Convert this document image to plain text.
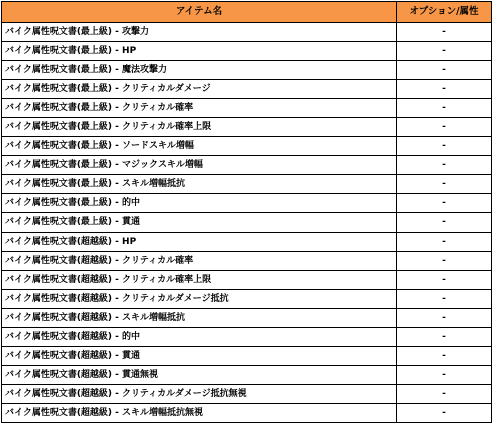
アイテム名	オプション/属性
バイク属性呪文書(最上級) - 攻撃力	-
バイク属性呪文書(最上級) - HP	-
バイク属性呪文書(最上級) - 魔法攻撃力	-
バイク属性呪文書(最上級) - クリティカルダメージ	-
バイク属性呪文書(最上級) - クリティカル確率	-
バイク属性呪文書(最上級) - クリティカル確率上限	-
バイク属性呪文書(最上級) - ソードスキル増幅	-
バイク属性呪文書(最上級) - マジックスキル増幅	-
バイク属性呪文書(最上級) - スキル増幅抵抗	-
バイク属性呪文書(最上級) - 的中	-
バイク属性呪文書(最上級) - 貫通	-
バイク属性呪文書(超越級) - HP	-
バイク属性呪文書(超越級) - クリティカル確率	-
バイク属性呪文書(超越級) - クリティカル確率上限	-
バイク属性呪文書(超越級) - クリティカルダメージ抵抗	-
バイク属性呪文書(超越級) - スキル増幅抵抗	-
バイク属性呪文書(超越級) - 的中	-
バイク属性呪文書(超越級) - 貫通	-
バイク属性呪文書(超越級) - 貫通無視	-
バイク属性呪文書(超越級) - クリティカルダメージ抵抗無視	-
バイク属性呪文書(超越級) - スキル増幅抵抗無視	-
